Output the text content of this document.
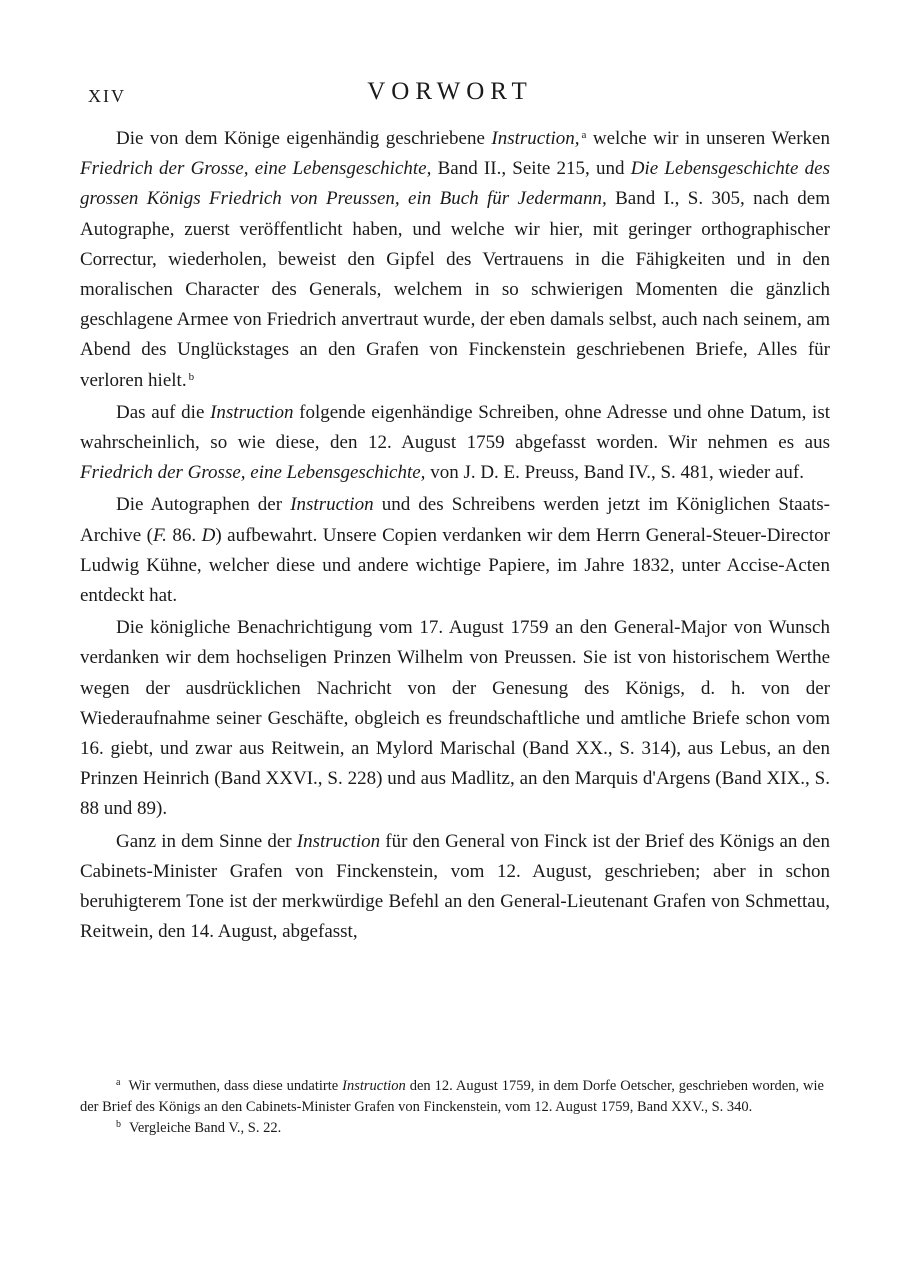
XIV	VORWORT

Die von dem Könige eigenhändig geschriebene Instruction, $^a$ welche wir in unseren Werken Friedrich der Grosse, eine Lebensgeschichte, Band II., Seite 215, und Die Lebensgeschichte des grossen Königs Friedrich von Preussen, ein Buch für Jedermann, Band I., S. 305, nach dem Autographe, zuerst veröffentlicht haben, und welche wir hier, mit geringer orthographischer Correctur, wiederholen, beweist den Gipfel des Vertrauens in die Fähigkeiten und in den moralischen Character des Generals, welchem in so schwierigen Momenten die gänzlich geschlagene Armee von Friedrich anvertraut wurde, der eben damals selbst, auch nach seinem, am Abend des Unglückstages an den Grafen von Finckenstein geschriebenen Briefe, Alles für verloren hielt. $^b$

Das auf die Instruction folgende eigenhändige Schreiben, ohne Adresse und ohne Datum, ist wahrscheinlich, so wie diese, den 12. August 1759 abgefasst worden. Wir nehmen es aus Friedrich der Grosse, eine Lebensgeschichte, von J. D. E. Preuss, Band IV., S. 481, wieder auf.

Die Autographen der Instruction und des Schreibens werden jetzt im Königlichen Staats-Archive (F. 86. D) aufbewahrt. Unsere Copien verdanken wir dem Herrn General-Steuer-Director Ludwig Kühne, welcher diese und andere wichtige Papiere, im Jahre 1832, unter Accise-Acten entdeckt hat.

Die königliche Benachrichtigung vom 17. August 1759 an den General-Major von Wunsch verdanken wir dem hochseligen Prinzen Wilhelm von Preussen. Sie ist von historischem Werthe wegen der ausdrücklichen Nachricht von der Genesung des Königs, d. h. von der Wiederaufnahme seiner Geschäfte, obgleich es freundschaftliche und amtliche Briefe schon vom 16. giebt, und zwar aus Reitwein, an Mylord Marischal (Band XX., S. 314), aus Lebus, an den Prinzen Heinrich (Band XXVI., S. 228) und aus Madlitz, an den Marquis d'Argens (Band XIX., S. 88 und 89).

Ganz in dem Sinne der Instruction für den General von Finck ist der Brief des Königs an den Cabinets-Minister Grafen von Finckenstein, vom 12. August, geschrieben; aber in schon beruhigterem Tone ist der merkwürdige Befehl an den General-Lieutenant Grafen von Schmettau, Reitwein, den 14. August, abgefasst,

$^a$ Wir vermuthen, dass diese undatirte Instruction den 12. August 1759, in dem Dorfe Oetscher, geschrieben worden, wie der Brief des Königs an den Cabinets-Minister Grafen von Finckenstein, vom 12. August 1759, Band XXV., S. 340.

$^b$ Vergleiche Band V., S. 22.
